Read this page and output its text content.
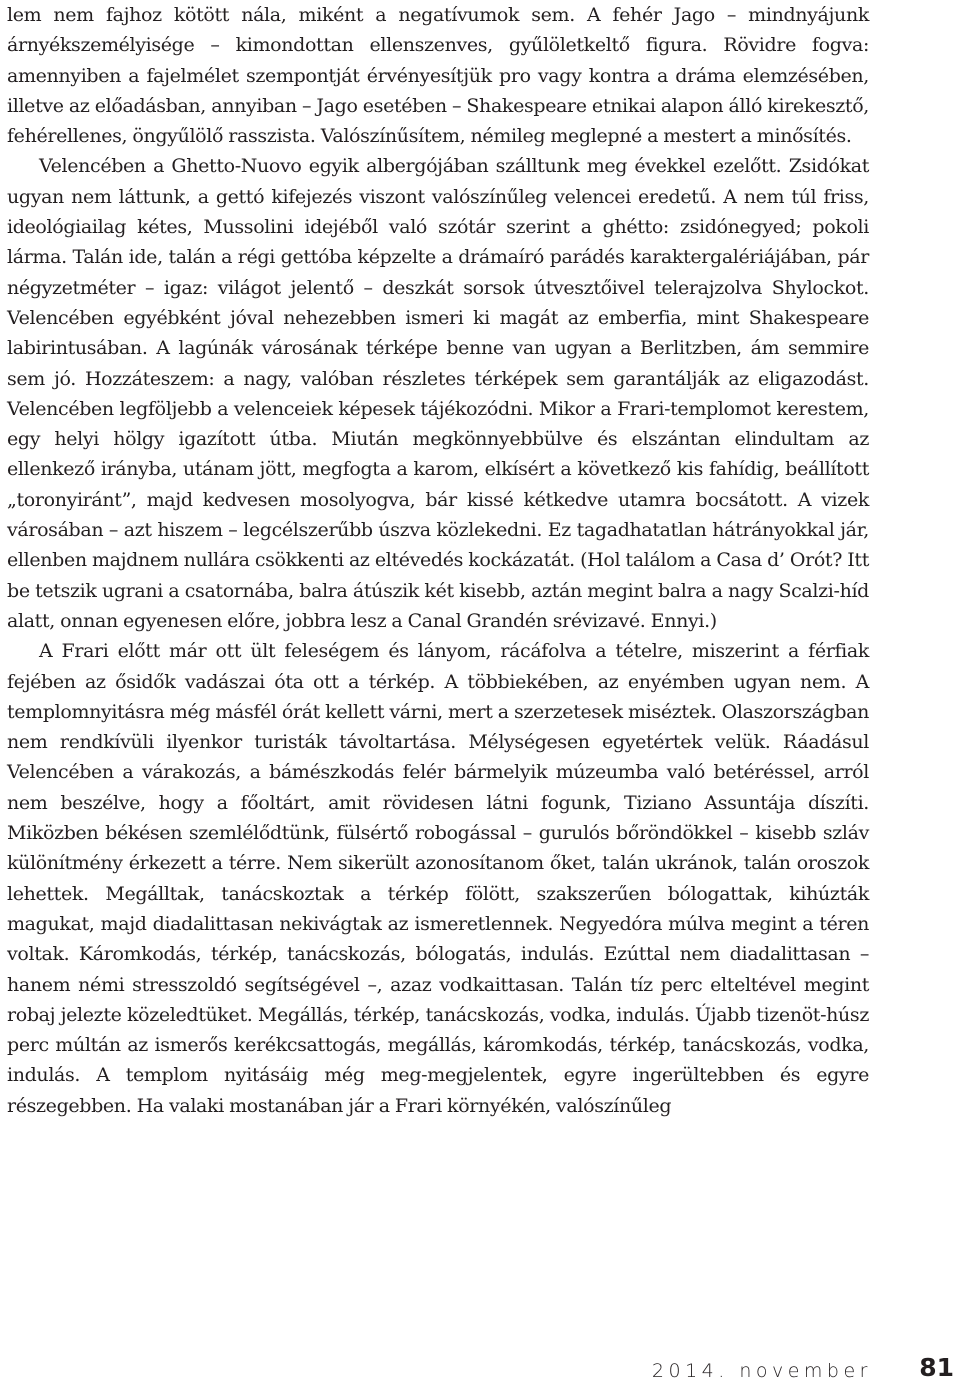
lem nem fajhoz kötött nála, miként a negatívumok sem. A fehér Jago – mindnyájunk árnyékszemélyisége – kimondottan ellenszenves, gyűlöletkeltő figura. Rövidre fogva: amennyiben a fajelmélet szempontját érvényesítjük pro vagy kontra a dráma elemzésében, illetve az előadásban, annyiban – Jago esetében – Shakespeare etnikai alapon álló kirekesztő, fehérellenes, öngyűlölő rasszista. Valószínűsítem, némileg meglepné a mestert a minősítés.

Velencében a Ghetto-Nuovo egyik albergójában szálltunk meg évekkel ezelőtt. Zsidókat ugyan nem láttunk, a gettó kifejezés viszont valószínűleg velencei eredetű. A nem túl friss, ideológiailag kétes, Mussolini idejéből való szótár szerint a ghétto: zsidónegyed; pokoli lárma. Talán ide, talán a régi gettóba képzelte a drámaíró parádés karaktergalériájában, pár négyzetméter – igaz: világot jelentő – deszkát sorsok útvesztőivel telerajzolva Shylockot. Velencében egyébként jóval nehezebben ismeri ki magát az emberfia, mint Shakespeare labirintusában. A lagúnák városának térképe benne van ugyan a Berlitzben, ám semmire sem jó. Hozzáteszem: a nagy, valóban részletes térképek sem garantálják az eligazodást. Velencében legföljebb a velenceiek képesek tájékozódni. Mikor a Frari-templomot kerestem, egy helyi hölgy igazított útba. Miután megkönnyebbülve és elszántan elindultam az ellenkező irányba, utánam jött, megfogta a karom, elkísért a következő kis fahídig, beállított „toronyiránt”, majd kedvesen mosolyogva, bár kissé kétkedve utamra bocsátott. A vizek városában – azt hiszem – legcélszerűbb úszva közlekedni. Ez tagadhatatlan hátrányokkal jár, ellenben majdnem nullára csökkenti az eltévedés kockázatát. (Hol találom a Casa d’ Orót? Itt be tetszik ugrani a csatornába, balra átúszik két kisebb, aztán megint balra a nagy Scalzi-híd alatt, onnan egyenesen előre, jobbra lesz a Canal Grandén srévizavé. Ennyi.)

A Frari előtt már ott ült feleségem és lányom, rácáfolva a tételre, miszerint a férfiak fejében az ősidők vadászai óta ott a térkép. A többiekében, az enyémben ugyan nem. A templomnyitásra még másfél órát kellett várni, mert a szerzetesek miséztek. Olaszországban nem rendkívüli ilyenkor turisták távoltartása. Mélységesen egyetértek velük. Ráadásul Velencében a várakozás, a bámészkodás felér bármelyik múzeumba való betéréssel, arról nem beszélve, hogy a főoltárt, amit rövidesen látni fogunk, Tiziano Assuntája díszíti. Miközben békésen szemlélődtünk, fülsértő robogással – gurulós bőröndökkel – kisebb szláv különítmény érkezett a térre. Nem sikerült azonosítanom őket, talán ukránok, talán oroszok lehettek. Megálltak, tanácskoztak a térkép fölött, szakszerűen bólogattak, kihúzták magukat, majd diadalittasan nekivágtak az ismeretlennek. Negyedóra múlva megint a téren voltak. Káromkodás, térkép, tanácskozás, bólogatás, indulás. Ezúttal nem diadalittasan – hanem némi stresszoldó segítségével –, azaz vodkaittasan. Talán tíz perc elteltével megint robaj jelezte közeledtüket. Megállás, térkép, tanácskozás, vodka, indulás. Újabb tizenöt-húsz perc múltán az ismerős kerékcsattogás, megállás, káromkodás, térkép, tanácskozás, vodka, indulás. A templom nyitásáig még meg-megjelentek, egyre ingerültebben és egyre részegebben. Ha valaki mostanában jár a Frari környékén, valószínűleg

2014. november 81
